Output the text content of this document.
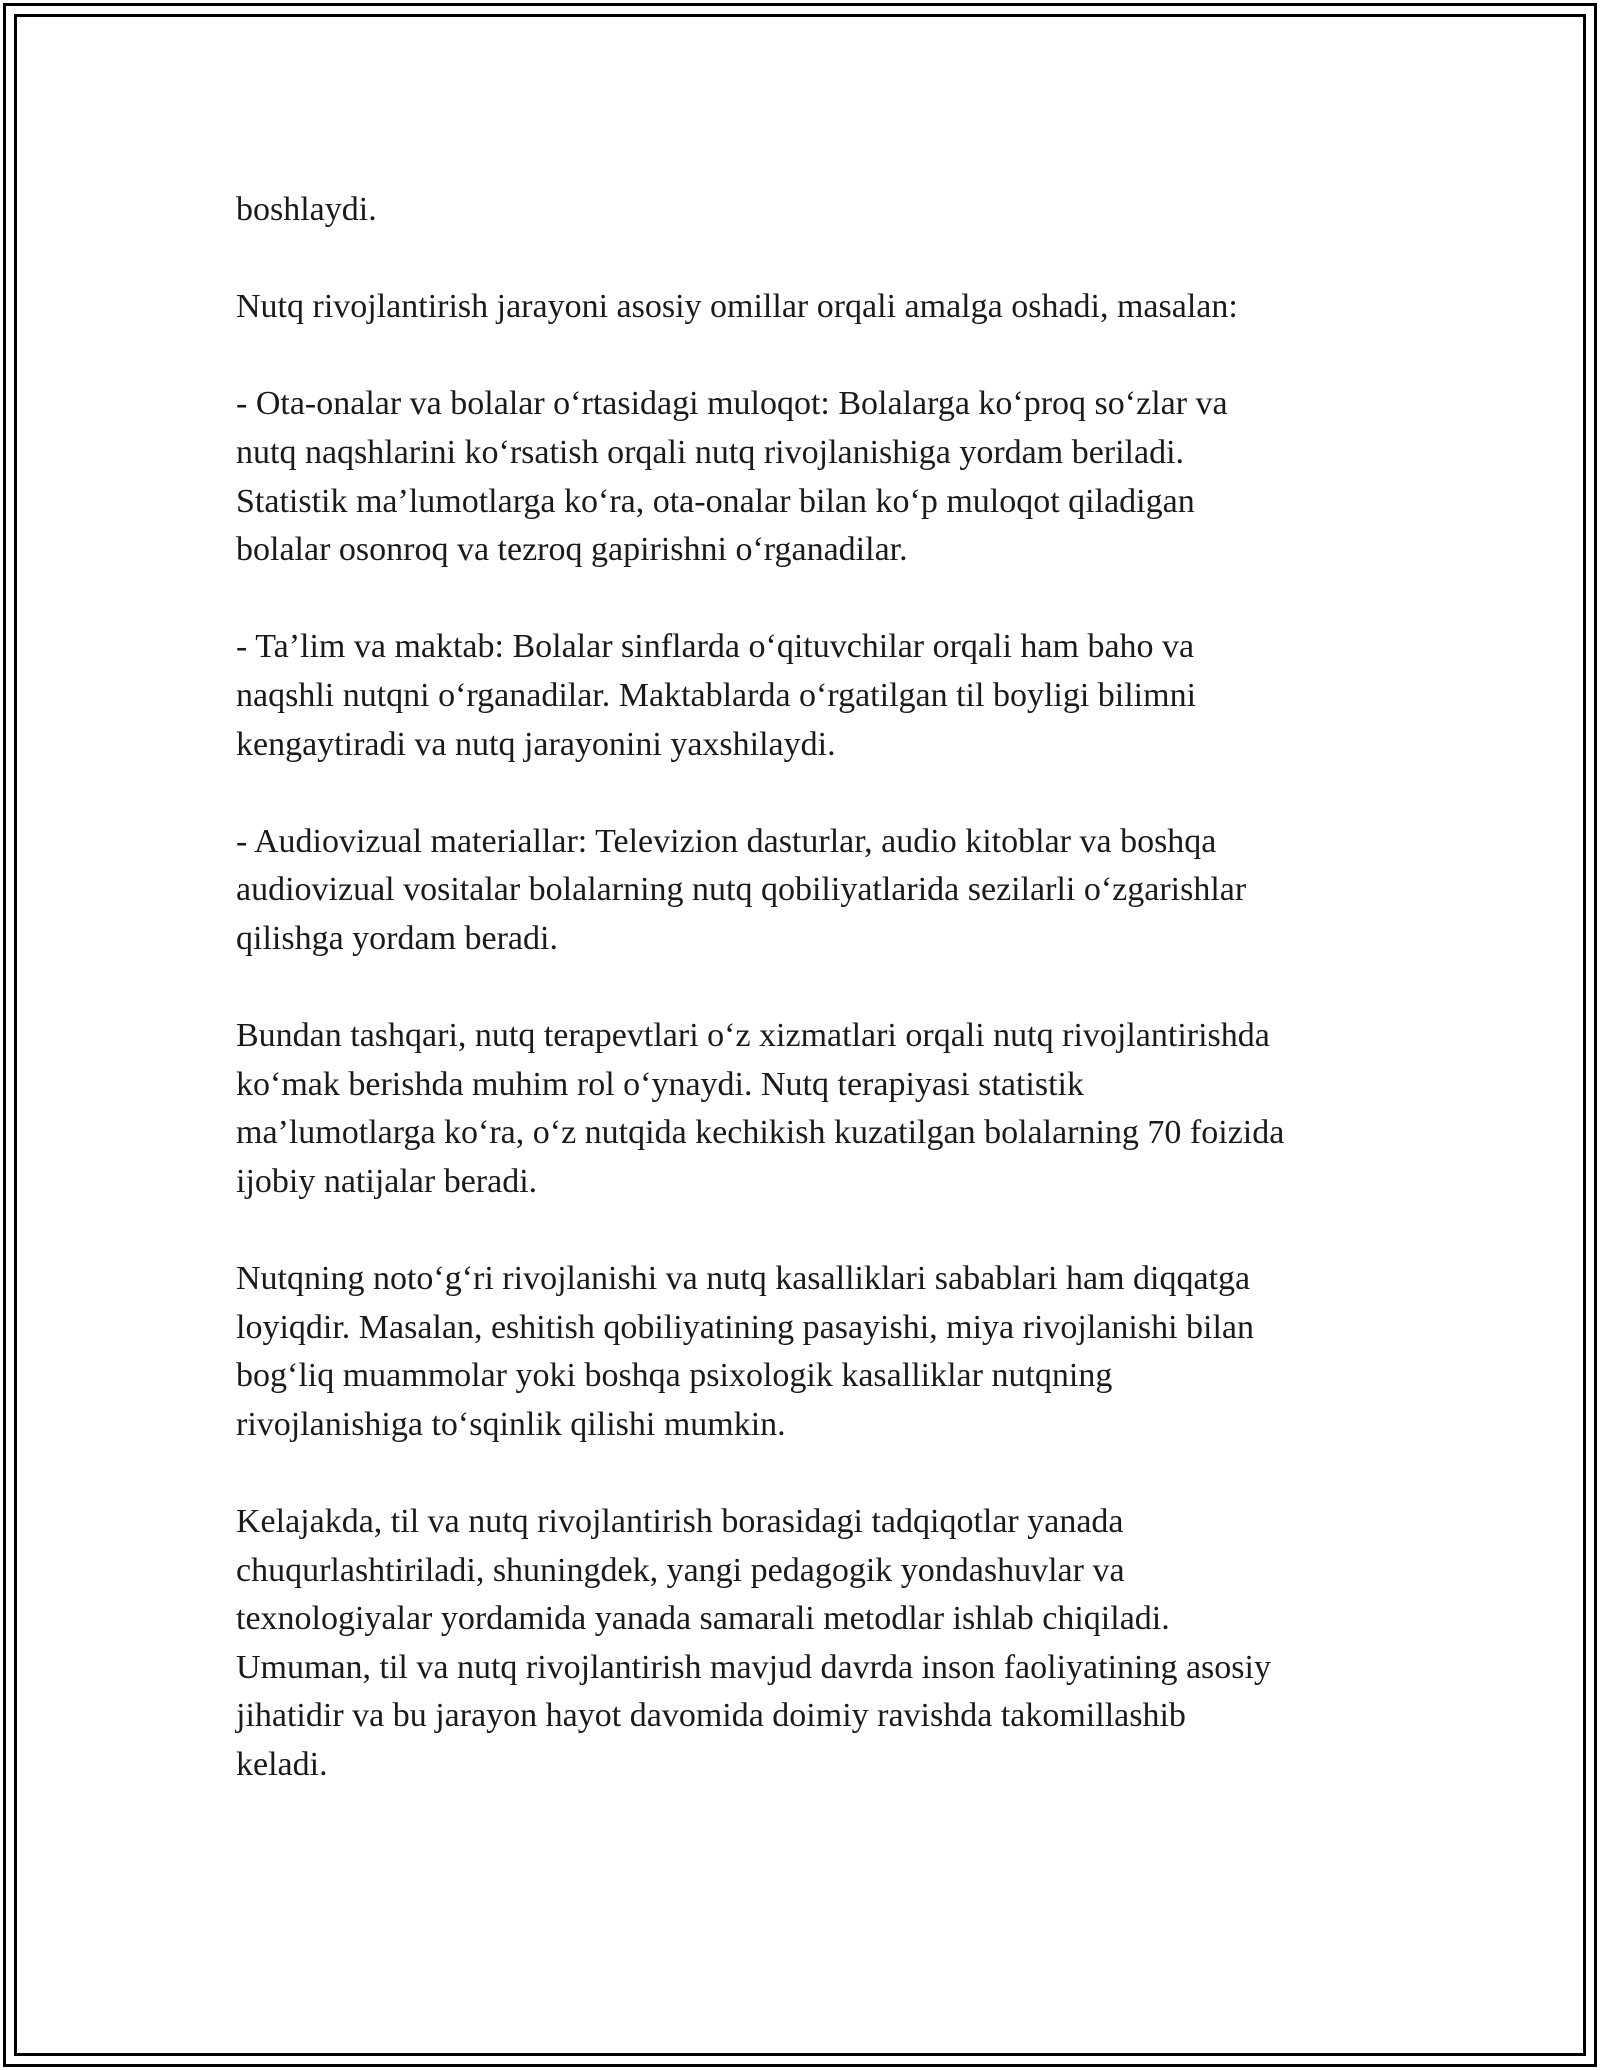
boshlaydi.

Nutq rivojlantirish jarayoni asosiy omillar orqali amalga oshadi, masalan:

- Ota-onalar va bolalar o‘rtasidagi muloqot: Bolalarga ko‘proq so‘zlar va
nutq naqshlarini ko‘rsatish orqali nutq rivojlanishiga yordam beriladi.
Statistik ma’lumotlarga ko‘ra, ota-onalar bilan ko‘p muloqot qiladigan
bolalar osonroq va tezroq gapirishni o‘rganadilar.

- Ta’lim va maktab: Bolalar sinflarda o‘qituvchilar orqali ham baho va
naqshli nutqni o‘rganadilar. Maktablarda o‘rgatilgan til boyligi bilimni
kengaytiradi va nutq jarayonini yaxshilaydi.

- Audiovizual materiallar: Televizion dasturlar, audio kitoblar va boshqa
audiovizual vositalar bolalarning nutq qobiliyatlarida sezilarli o‘zgarishlar
qilishga yordam beradi.

Bundan tashqari, nutq terapevtlari o‘z xizmatlari orqali nutq rivojlantirishda
ko‘mak berishda muhim rol o‘ynaydi. Nutq terapiyasi statistik
ma’lumotlarga ko‘ra, o‘z nutqida kechikish kuzatilgan bolalarning 70 foizida
ijobiy natijalar beradi.

Nutqning noto‘g‘ri rivojlanishi va nutq kasalliklari sabablari ham diqqatga
loyiqdir. Masalan, eshitish qobiliyatining pasayishi, miya rivojlanishi bilan
bog‘liq muammolar yoki boshqa psixologik kasalliklar nutqning
rivojlanishiga to‘sqinlik qilishi mumkin.

Kelajakda, til va nutq rivojlantirish borasidagi tadqiqotlar yanada
chuqurlashtiriladi, shuningdek, yangi pedagogik yondashuvlar va
texnologiyalar yordamida yanada samarali metodlar ishlab chiqiladi.
Umuman, til va nutq rivojlantirish mavjud davrda inson faoliyatining asosiy
jihatidir va bu jarayon hayot davomida doimiy ravishda takomillashib
keladi.
